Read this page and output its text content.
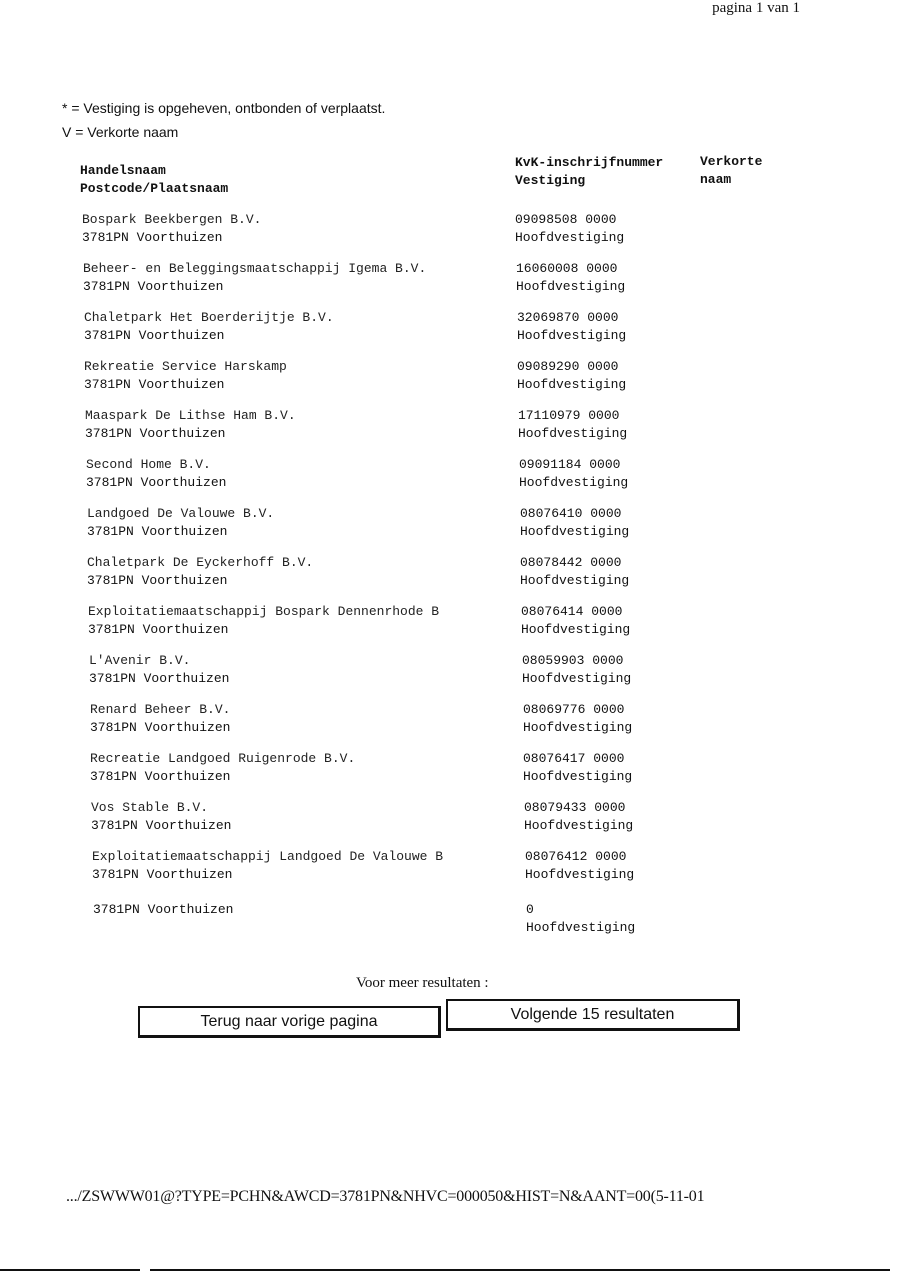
pagina 1 van 1
* = Vestiging is opgeheven, ontbonden of verplaatst.
V = Verkorte naam
Handelsnaam
Postcode/Plaatsnaam
KvK-inschrijfnummer
Vestiging
Verkorte
naam
Bospark Beekbergen B.V.
3781PN Voorthuizen
09098508 0000
Hoofdvestiging
Beheer- en Beleggingsmaatschappij Igema B.V.
3781PN Voorthuizen
16060008 0000
Hoofdvestiging
Chaletpark Het Boerderijtje B.V.
3781PN Voorthuizen
32069870 0000
Hoofdvestiging
Rekreatie Service Harskamp
3781PN Voorthuizen
09089290 0000
Hoofdvestiging
Maaspark De Lithse Ham B.V.
3781PN Voorthuizen
17110979 0000
Hoofdvestiging
Second Home B.V.
3781PN Voorthuizen
09091184 0000
Hoofdvestiging
Landgoed De Valouwe B.V.
3781PN Voorthuizen
08076410 0000
Hoofdvestiging
Chaletpark De Eyckerhoff B.V.
3781PN Voorthuizen
08078442 0000
Hoofdvestiging
Exploitatiemaatschappij Bospark Dennenrhode B
3781PN Voorthuizen
08076414 0000
Hoofdvestiging
L'Avenir B.V.
3781PN Voorthuizen
08059903 0000
Hoofdvestiging
Renard Beheer B.V.
3781PN Voorthuizen
08069776 0000
Hoofdvestiging
Recreatie Landgoed Ruigenrode B.V.
3781PN Voorthuizen
08076417 0000
Hoofdvestiging
Vos Stable B.V.
3781PN Voorthuizen
08079433 0000
Hoofdvestiging
Exploitatiemaatschappij Landgoed De Valouwe B
3781PN Voorthuizen
08076412 0000
Hoofdvestiging
3781PN Voorthuizen	0
Hoofdvestiging
Voor meer resultaten :
Terug naar vorige pagina	Volgende 15 resultaten
.../ZSWWW01@?TYPE=PCHN&AWCD=3781PN&NHVC=000050&HIST=N&AANT=00(5-11-01
